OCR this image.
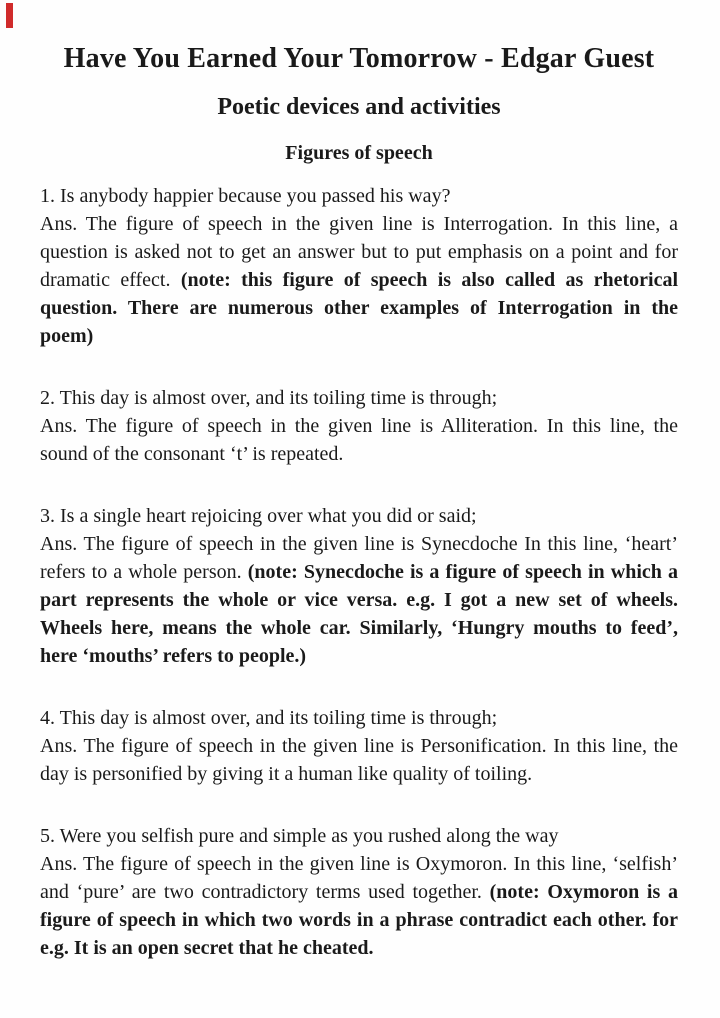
Have You Earned Your Tomorrow - Edgar Guest
Poetic devices and activities
Figures of speech

1. Is anybody happier because you passed his way?

Ans. The figure of speech in the given line is Interrogation. In this line, a question is asked not to get an answer but to put emphasis on a point and for dramatic effect. (note: this figure of speech is also called as rhetorical question. There are numerous other examples of Interrogation in the poem)

2. This day is almost over, and its toiling time is through;

Ans. The figure of speech in the given line is Alliteration. In this line, the sound of the consonant ‘t’ is repeated.

3. Is a single heart rejoicing over what you did or said;

Ans. The figure of speech in the given line is Synecdoche In this line, ‘heart’ refers to a whole person. (note: Synecdoche is a figure of speech in which a part represents the whole or vice versa. e.g. I got a new set of wheels. Wheels here, means the whole car. Similarly, ‘Hungry mouths to feed’, here ‘mouths’ refers to people.)

4. This day is almost over, and its toiling time is through;

Ans. The figure of speech in the given line is Personification. In this line, the day is personified by giving it a human like quality of toiling.

5. Were you selfish pure and simple as you rushed along the way

Ans. The figure of speech in the given line is Oxymoron. In this line, ‘selfish’ and ‘pure’ are two contradictory terms used together. (note: Oxymoron is a figure of speech in which two words in a phrase contradict each other. for e.g. It is an open secret that he cheated.
